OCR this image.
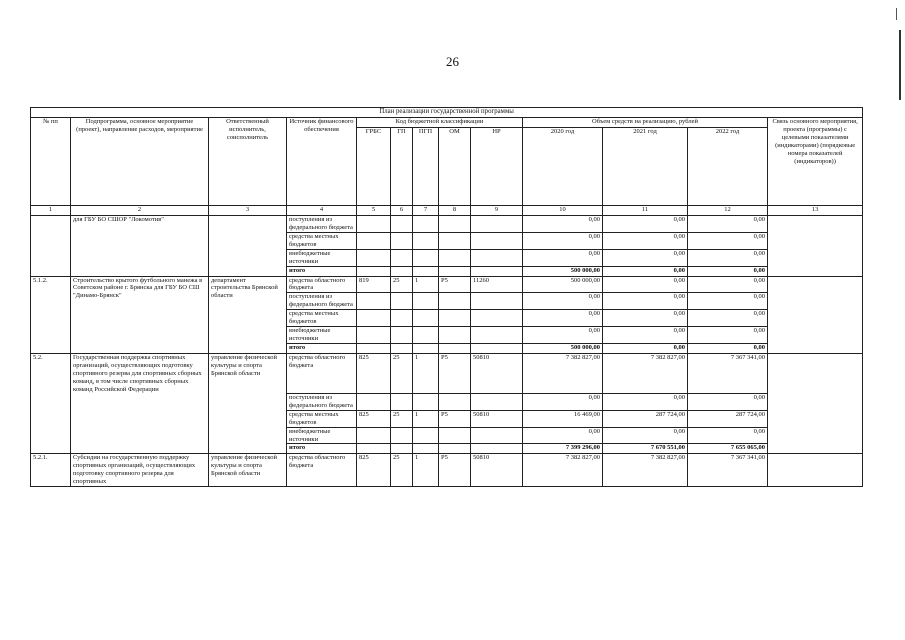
26
План реализации государственной программы												
№ пп	Подпрограмма, основное мероприятие (проект), направление расходов, мероприятие	Ответственный исполнитель, соисполнитель	Источник финансового обеспечения	Код бюджетной классификации					Объем средств на реализацию, рублей			Связь основного мероприятия, проекта (программы) с целевыми показателями (индикаторами) (порядковые номера показателей (индикаторов))
				ГРБС	ГП	ПГП	ОМ	НР	2020 год	2021 год	2022 год	
1	2	3	4	5	6	7	8	9	10	11	12	13
	для ГБУ БО СШОР "Локомотив"		поступления из федерального бюджета						0,00	0,00	0,00	
			средства местных бюджетов						0,00	0,00	0,00	
			внебюджетные источники						0,00	0,00	0,00	
			итого						500 000,00	0,00	0,00	
5.1.2.	Строительство крытого футбольного манежа в Советском районе г. Брянска для ГБУ БО СШ "Динамо-Брянск"	департамент строительства Брянской области	средства областного бюджета	819	25	1	Р5	11260	500 000,00	0,00	0,00	
			поступления из федерального бюджета						0,00	0,00	0,00	
			средства местных бюджетов						0,00	0,00	0,00	
			внебюджетные источники						0,00	0,00	0,00	
			итого						500 000,00	0,00	0,00	
5.2.	Государственная поддержка спортивных организаций, осуществляющих подготовку спортивного резерва для спортивных сборных команд, в том числе спортивных сборных команд Российской Федерации	управление физической культуры и спорта Брянской области	средства областного бюджета	825	25	1	Р5	50810	7 382 827,00	7 382 827,00	7 367 341,00	
			поступления из федерального бюджета						0,00	0,00	0,00	
			средства местных бюджетов	825	25	1	Р5	50810	16 469,00	287 724,00	287 724,00	
			внебюджетные источники						0,00	0,00	0,00	
			итого						7 399 296,00	7 670 551,00	7 655 065,00	
5.2.1.	Субсидии на государственную поддержку спортивных организаций, осуществляющих подготовку спортивного резерва для спортивных	управление физической культуры и спорта Брянской области	средства областного бюджета	825	25	1	Р5	50810	7 382 827,00	7 382 827,00	7 367 341,00	
